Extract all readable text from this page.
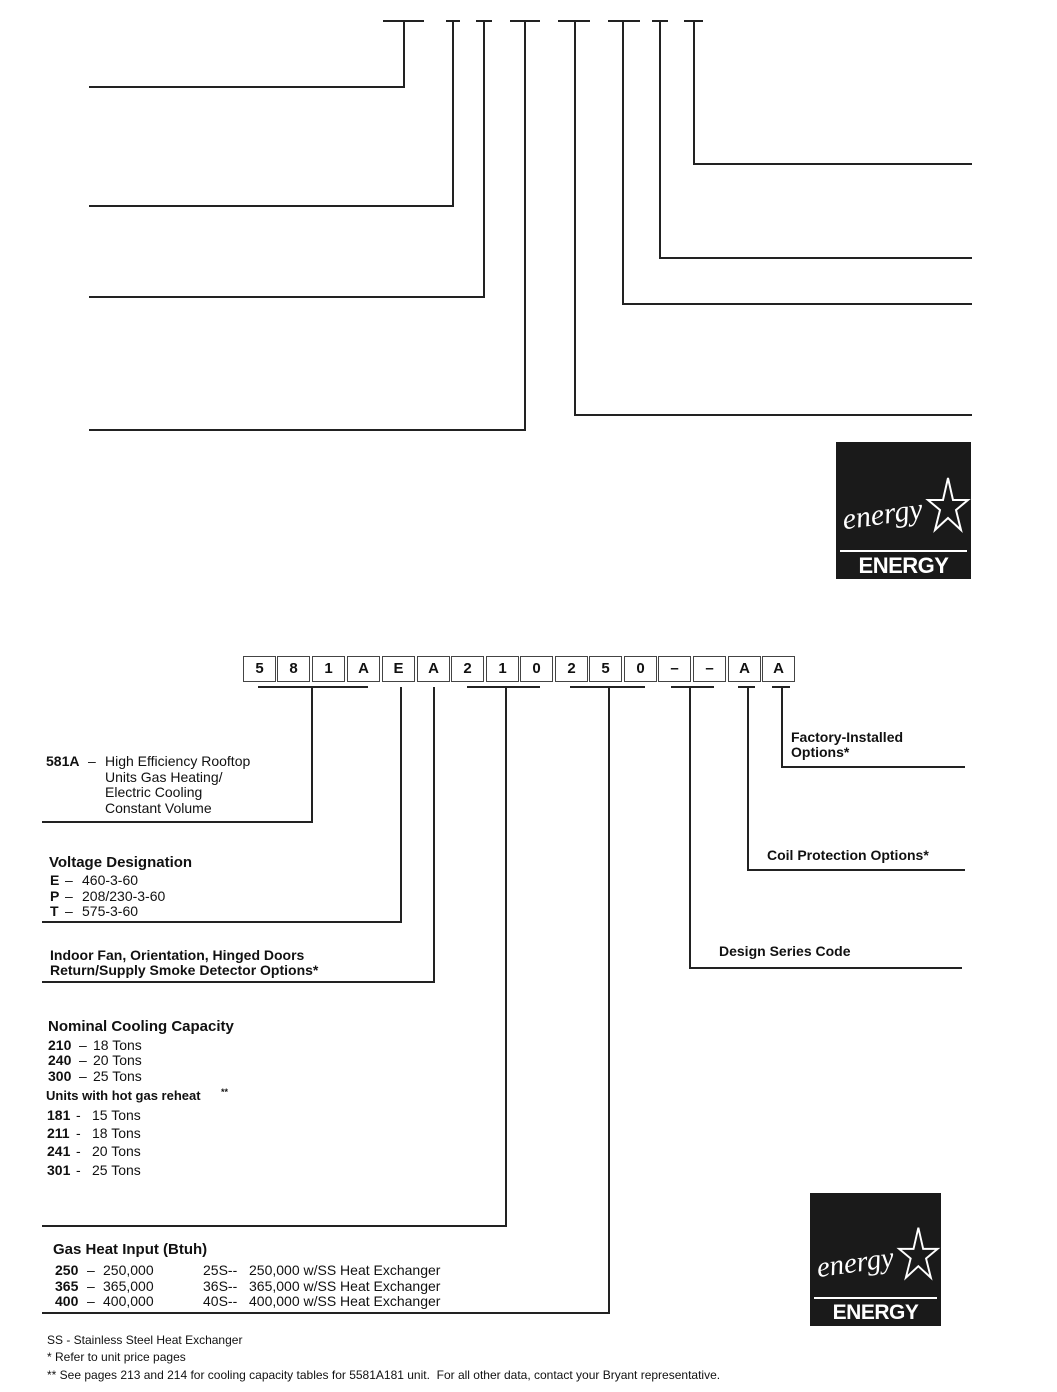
energy
ENERGY STAR
5	8	1	A	E	A	2	1	0	2	5	0	–	–	A	A
581A – High Efficiency Rooftop
Units Gas Heating/
Electric Cooling
Constant Volume
Voltage Designation
E – 460-3-60
P – 208/230-3-60
T – 575-3-60
Indoor Fan, Orientation, Hinged Doors
Return/Supply Smoke Detector Options*
Nominal Cooling Capacity
210 – 18 Tons
240 – 20 Tons
300 – 25 Tons
Units with hot gas reheat **
181 - 15 Tons
211 - 18 Tons
241 - 20 Tons
301 - 25 Tons
Gas Heat Input (Btuh)
250 – 250,000	25S-- 250,000 w/SS Heat Exchanger
365 – 365,000	36S-- 365,000 w/SS Heat Exchanger
400 – 400,000	40S-- 400,000 w/SS Heat Exchanger
Factory-Installed
Options*
Coil Protection Options*
Design Series Code
energy
ENERGY STAR
SS - Stainless Steel Heat Exchanger
* Refer to unit price pages
** See pages 213 and 214 for cooling capacity tables for 5581A181 unit.  For all other data, contact your Bryant representative.
